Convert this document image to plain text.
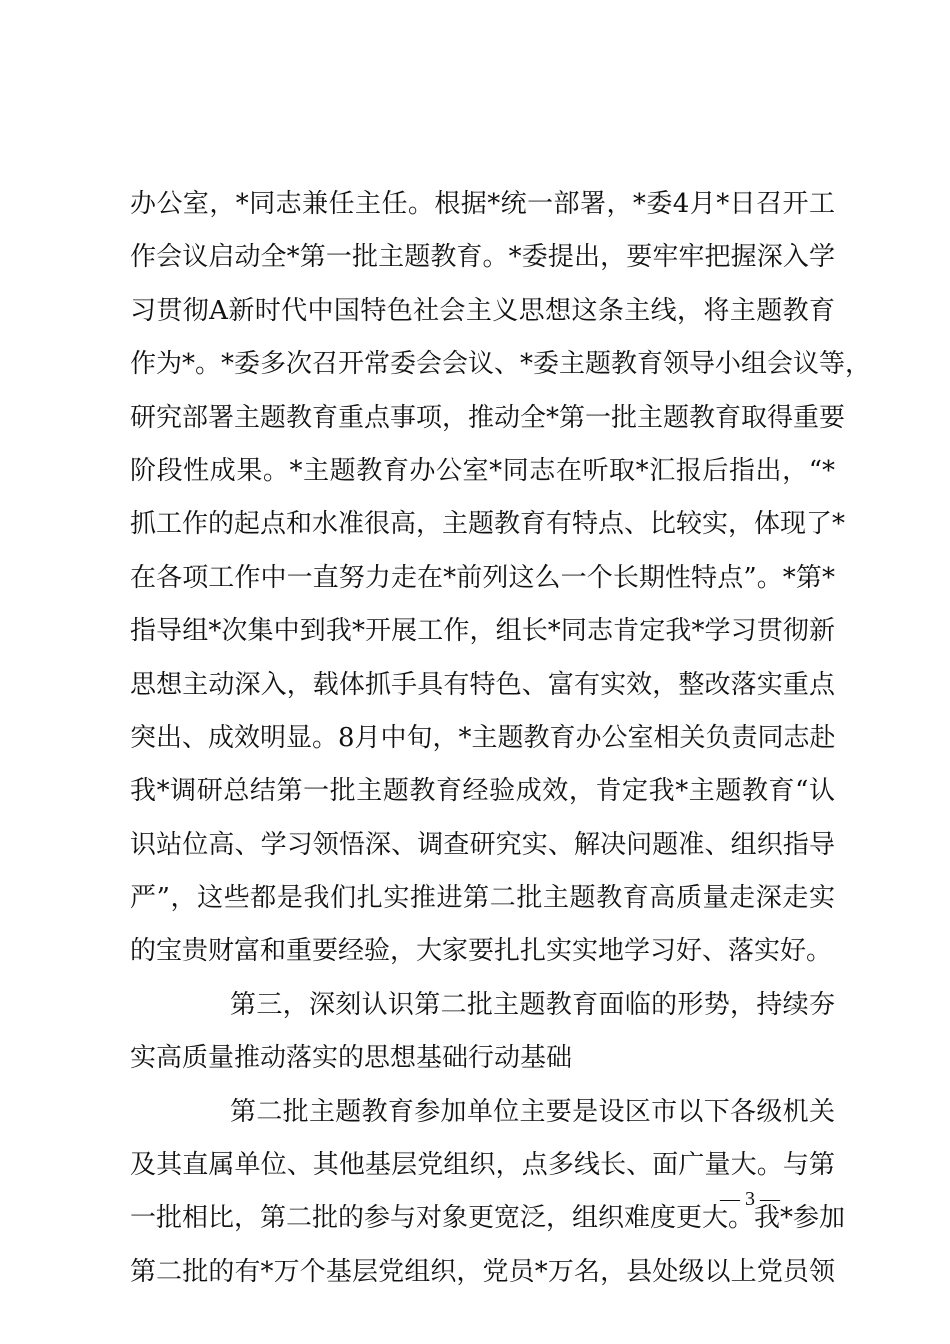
办公室，*同志兼任主任。根据*统一部署，*委4月*日召开工
作会议启动全*第一批主题教育。*委提出，要牢牢把握深入学
习贯彻A新时代中国特色社会主义思想这条主线，将主题教育
作为*。*委多次召开常委会会议、*委主题教育领导小组会议等，
研究部署主题教育重点事项，推动全*第一批主题教育取得重要
阶段性成果。*主题教育办公室*同志在听取*汇报后指出，“*
抓工作的起点和水准很高，主题教育有特点、比较实，体现了*
在各项工作中一直努力走在*前列这么一个长期性特点”。*第*
指导组*次集中到我*开展工作，组长*同志肯定我*学习贯彻新
思想主动深入，载体抓手具有特色、富有实效，整改落实重点
突出、成效明显。8月中旬，*主题教育办公室相关负责同志赴
我*调研总结第一批主题教育经验成效，肯定我*主题教育“认
识站位高、学习领悟深、调查研究实、解决问题准、组织指导
严”，这些都是我们扎实推进第二批主题教育高质量走深走实
的宝贵财富和重要经验，大家要扎扎实实地学习好、落实好。
第三，深刻认识第二批主题教育面临的形势，持续夯
实高质量推动落实的思想基础行动基础
第二批主题教育参加单位主要是设区市以下各级机关
及其直属单位、其他基层党组织，点多线长、面广量大。与第
一批相比，第二批的参与对象更宽泛，组织难度更大。我*参加
第二批的有*万个基层党组织，党员*万名，县处级以上党员领
— 3 —
